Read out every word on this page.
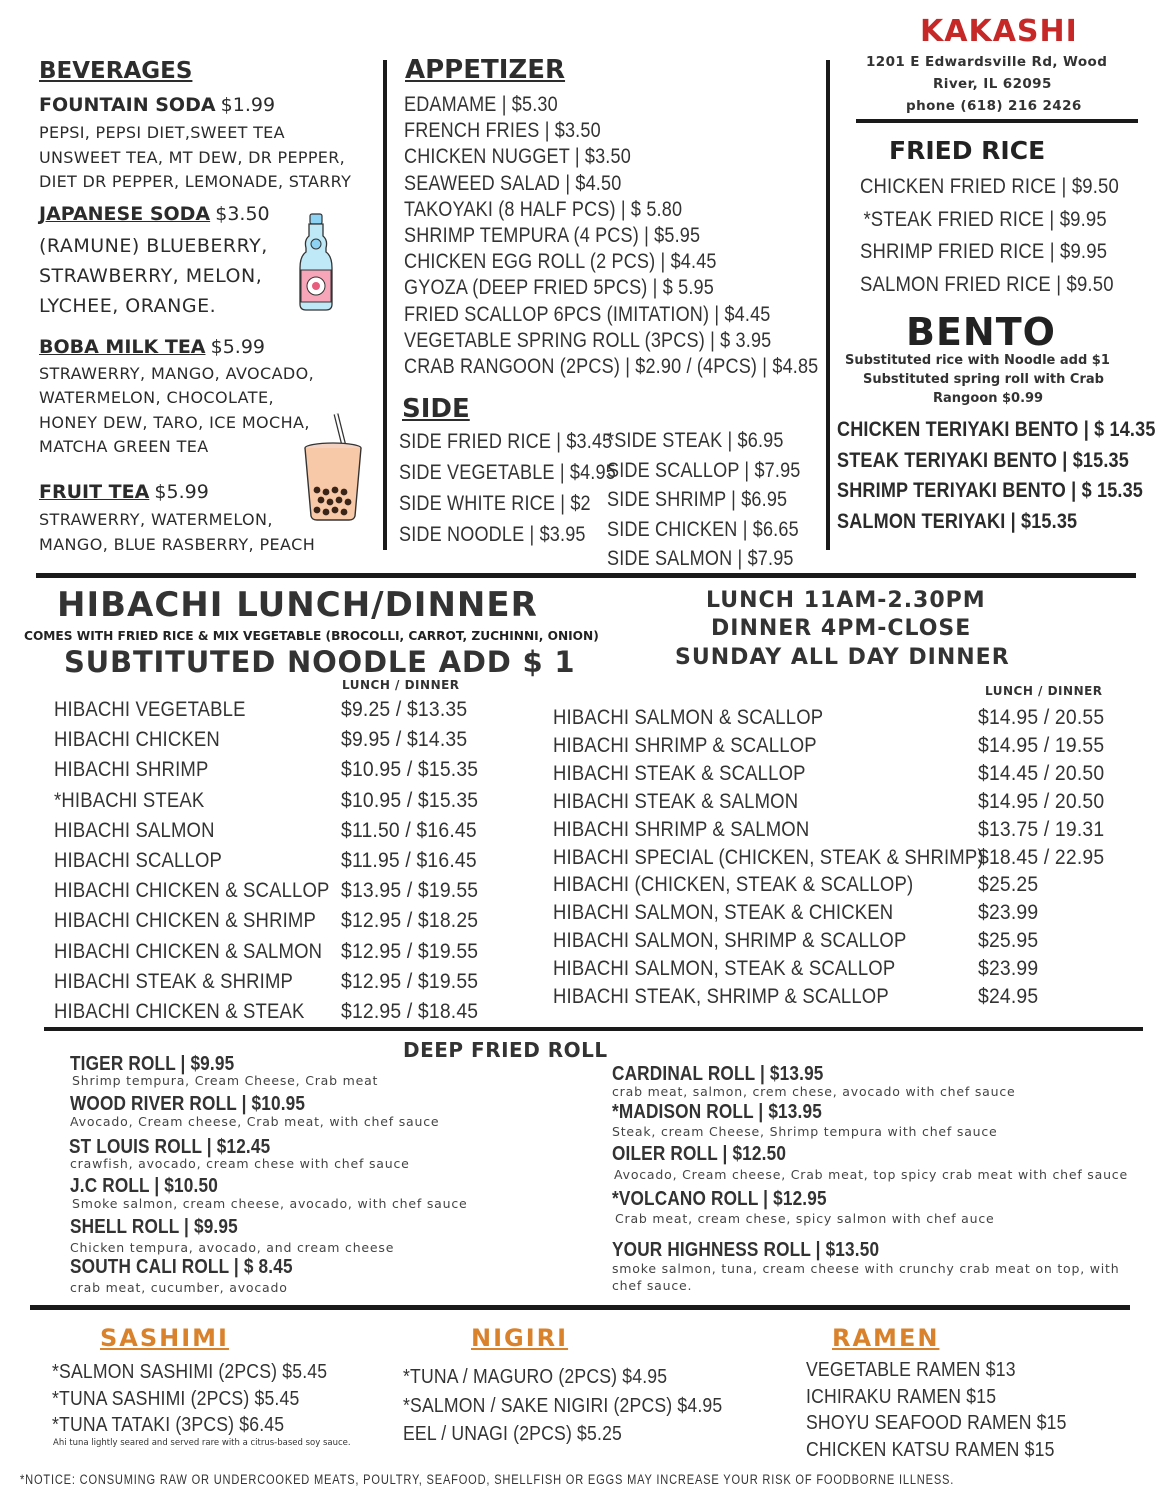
KAKASHI
1201 E Edwardsville Rd, Wood
River, IL 62095
phone (618) 216 2426
BEVERAGES
FOUNTAIN SODA $1.99
PEPSI, PEPSI DIET,SWEET TEA
UNSWEET TEA, MT DEW, DR PEPPER,
DIET DR PEPPER, LEMONADE, STARRY
JAPANESE SODA $3.50
(RAMUNE) BLUEBERRY,
STRAWBERRY, MELON,
LYCHEE, ORANGE.
BOBA MILK TEA $5.99
STRAWERRY, MANGO, AVOCADO,
WATERMELON, CHOCOLATE,
HONEY DEW, TARO, ICE MOCHA,
MATCHA GREEN TEA
FRUIT TEA $5.99
STRAWERRY, WATERMELON,
MANGO, BLUE RASBERRY, PEACH
APPETIZER
EDAMAME | $5.30
FRENCH FRIES | $3.50
CHICKEN NUGGET | $3.50
SEAWEED SALAD | $4.50
TAKOYAKI (8 HALF PCS) | $ 5.80
SHRIMP TEMPURA (4 PCS) | $5.95
CHICKEN EGG ROLL (2 PCS) | $4.45
GYOZA (DEEP FRIED 5PCS) | $ 5.95
FRIED SCALLOP 6PCS (IMITATION) | $4.45
VEGETABLE SPRING ROLL (3PCS) | $ 3.95
CRAB RANGOON (2PCS) | $2.90 / (4PCS) | $4.85
SIDE
SIDE FRIED RICE | $3.45
SIDE VEGETABLE | $4.95
SIDE WHITE RICE | $2
SIDE NOODLE | $3.95
*SIDE STEAK | $6.95
SIDE SCALLOP | $7.95
SIDE SHRIMP | $6.95
SIDE CHICKEN | $6.65
SIDE SALMON | $7.95
FRIED RICE
CHICKEN FRIED RICE | $9.50
*STEAK FRIED RICE | $9.95
SHRIMP FRIED RICE | $9.95
SALMON FRIED RICE | $9.50
BENTO
Substituted rice with Noodle add $1
Substituted spring roll with Crab
Rangoon $0.99
CHICKEN TERIYAKI BENTO | $ 14.35
STEAK TERIYAKI BENTO | $15.35
SHRIMP TERIYAKI BENTO | $ 15.35
SALMON TERIYAKI | $15.35
HIBACHI LUNCH/DINNER
COMES WITH FRIED RICE & MIX VEGETABLE (BROCOLLI, CARROT, ZUCHINNI, ONION)
SUBTITUTED NOODLE ADD $ 1
LUNCH 11AM-2.30PM
DINNER 4PM-CLOSE
SUNDAY ALL DAY DINNER
LUNCH / DINNER	LUNCH / DINNER
HIBACHI VEGETABLE
HIBACHI CHICKEN
HIBACHI SHRIMP
*HIBACHI STEAK
HIBACHI SALMON
HIBACHI SCALLOP
HIBACHI CHICKEN & SCALLOP
HIBACHI CHICKEN & SHRIMP
HIBACHI CHICKEN & SALMON
HIBACHI STEAK & SHRIMP
HIBACHI CHICKEN & STEAK
$9.25 / $13.35
$9.95 / $14.35
$10.95 / $15.35
$10.95 / $15.35
$11.50 / $16.45
$11.95 / $16.45
$13.95 / $19.55
$12.95 / $18.25
$12.95 / $19.55
$12.95 / $19.55
$12.95 / $18.45
HIBACHI SALMON & SCALLOP
HIBACHI SHRIMP & SCALLOP
HIBACHI STEAK & SCALLOP
HIBACHI STEAK & SALMON
HIBACHI SHRIMP & SALMON
HIBACHI SPECIAL (CHICKEN, STEAK & SHRIMP)
HIBACHI (CHICKEN, STEAK & SCALLOP)
HIBACHI SALMON, STEAK & CHICKEN
HIBACHI SALMON, SHRIMP & SCALLOP
HIBACHI SALMON, STEAK & SCALLOP
HIBACHI STEAK, SHRIMP & SCALLOP
$14.95 / 20.55
$14.95 / 19.55
$14.45 / 20.50
$14.95 / 20.50
$13.75 / 19.31
$18.45 / 22.95
$25.25
$23.99
$25.95
$23.99
$24.95
DEEP FRIED ROLL
TIGER ROLL | $9.95
Shrimp tempura, Cream Cheese, Crab meat
WOOD RIVER ROLL | $10.95
Avocado, Cream cheese, Crab meat, with chef sauce
ST LOUIS ROLL | $12.45
crawfish, avocado, cream chese with chef sauce
J.C ROLL | $10.50
Smoke salmon, cream cheese, avocado, with chef sauce
SHELL ROLL | $9.95
Chicken tempura, avocado, and cream cheese
SOUTH CALI ROLL | $ 8.45
crab meat, cucumber, avocado
CARDINAL ROLL | $13.95
crab meat, salmon, crem chese, avocado with chef sauce
*MADISON ROLL | $13.95
Steak, cream Cheese, Shrimp tempura with chef sauce
OILER ROLL | $12.50
Avocado, Cream cheese, Crab meat, top spicy crab meat with chef sauce
*VOLCANO ROLL | $12.95
Crab meat, cream chese, spicy salmon with chef auce
YOUR HIGHNESS ROLL | $13.50
smoke salmon, tuna, cream cheese with crunchy crab meat on top, with
chef sauce.
SASHIMI
*SALMON SASHIMI (2PCS) $5.45
*TUNA SASHIMI (2PCS) $5.45
*TUNA TATAKI (3PCS) $6.45
Ahi tuna lightly seared and served rare with a citrus-based soy sauce.
NIGIRI
*TUNA / MAGURO (2PCS) $4.95
*SALMON / SAKE NIGIRI (2PCS) $4.95
EEL / UNAGI (2PCS) $5.25
RAMEN
VEGETABLE RAMEN $13
ICHIRAKU RAMEN $15
SHOYU SEAFOOD RAMEN $15
CHICKEN KATSU RAMEN $15
*NOTICE: CONSUMING RAW OR UNDERCOOKED MEATS, POULTRY, SEAFOOD, SHELLFISH OR EGGS MAY INCREASE YOUR RISK OF FOODBORNE ILLNESS.
